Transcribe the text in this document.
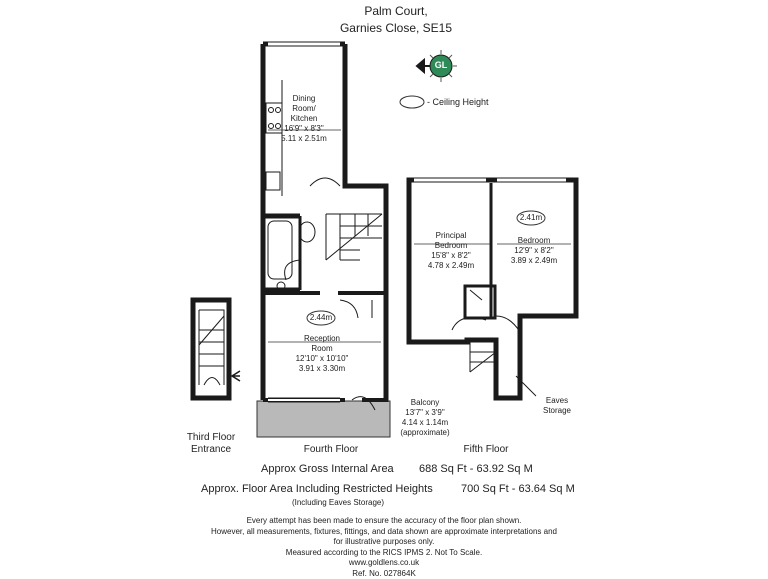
Palm Court,
Garnies Close, SE15
GL
- Ceiling Height
Dining
Room/
Kitchen
16'9" x 8'3"
5.11 x 2.51m
2.44m
Reception
Room
12'10" x 10'10"
3.91 x 3.30m
Balcony
13'7" x 3'9"
4.14 x 1.14m
(approximate)
Principal
Bedroom
15'8" x 8'2"
4.78 x 2.49m
2.41m
Bedroom
12'9" x 8'2"
3.89 x 2.49m
Eaves
Storage
Third Floor
Entrance	Fourth Floor	Fifth Floor
Approx Gross Internal Area 688 Sq Ft - 63.92 Sq M
Approx. Floor Area Including Restricted Heights	700 Sq Ft - 63.64 Sq M
(Including Eaves Storage)
Every attempt has been made to ensure the accuracy of the floor plan shown.
However, all measurements, fixtures, fittings, and data shown are approximate interpretations and
for illustrative purposes only.
Measured according to the RICS IPMS 2. Not To Scale.
www.goldlens.co.uk
Ref. No. 027864K
